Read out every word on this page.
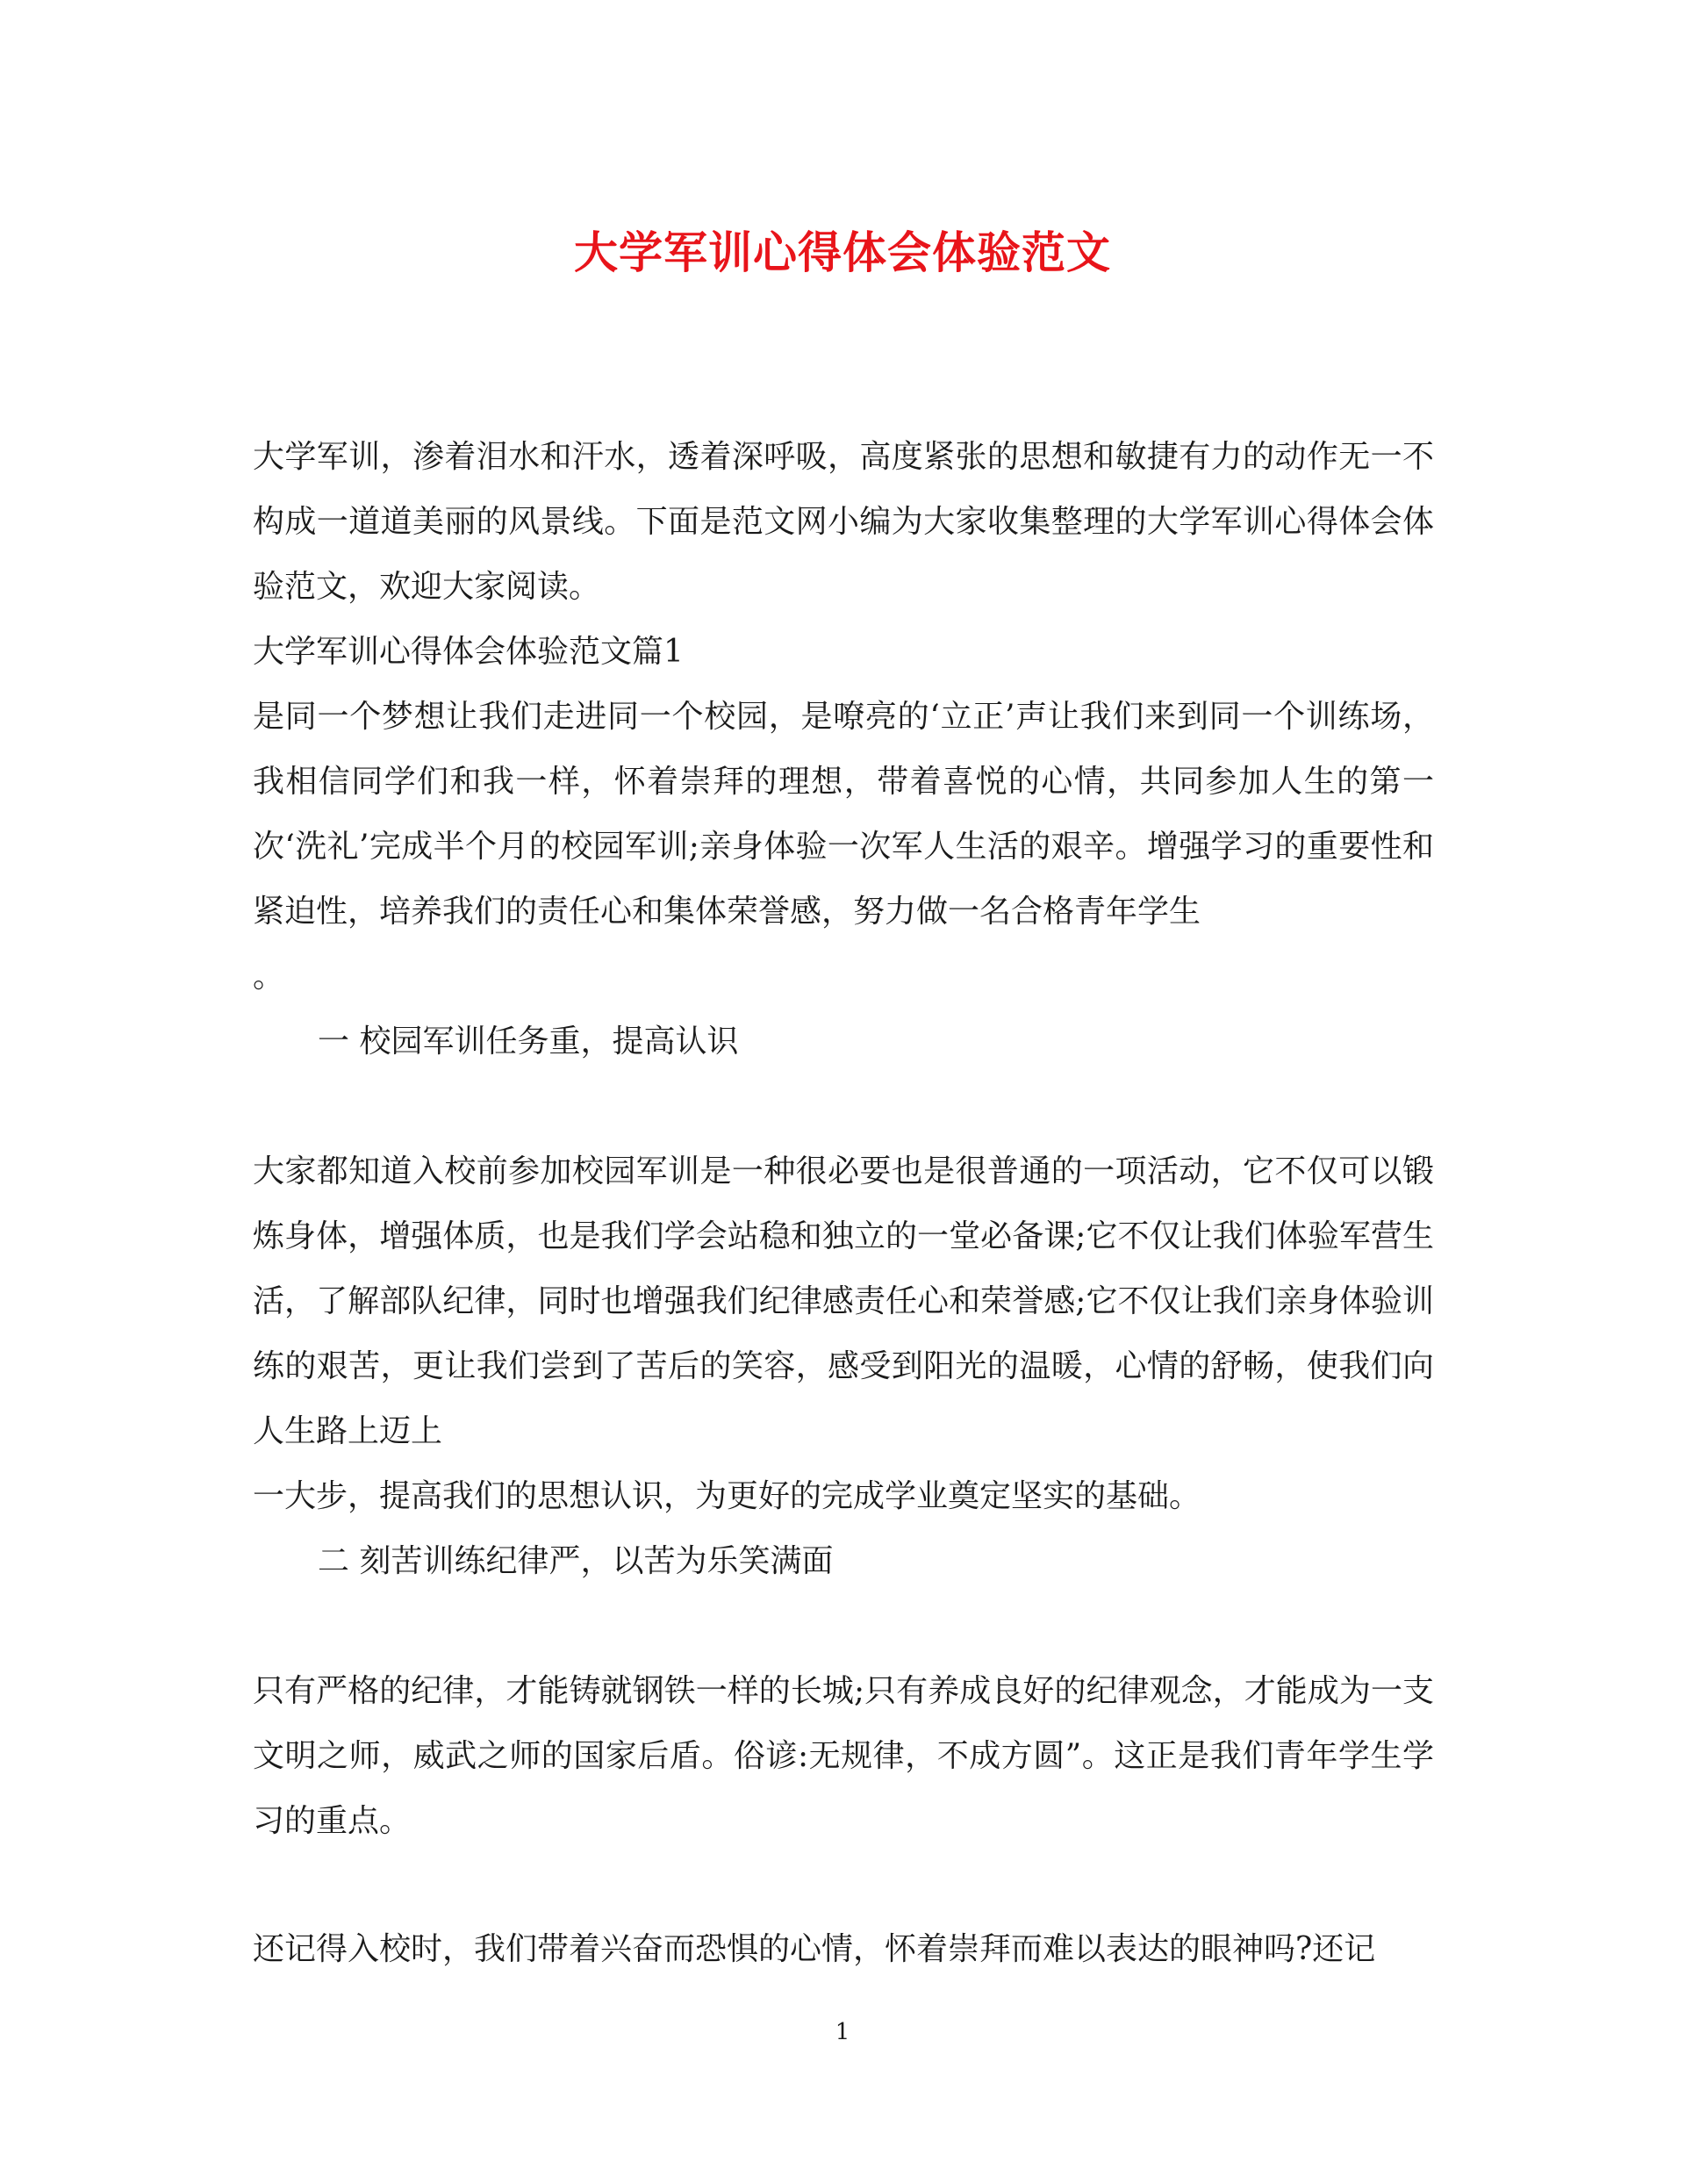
大学军训心得体会体验范文

大学军训，渗着泪水和汗水，透着深呼吸，高度紧张的思想和敏捷有力的动作无一不构成一道道美丽的风景线。下面是范文网小编为大家收集整理的大学军训心得体会体验范文，欢迎大家阅读。

大学军训心得体会体验范文篇1

是同一个梦想让我们走进同一个校园，是嘹亮的‘立正’声让我们来到同一个训练场，我相信同学们和我一样，怀着崇拜的理想，带着喜悦的心情，共同参加人生的第一次‘洗礼’完成半个月的校园军训;亲身体验一次军人生活的艰辛。增强学习的重要性和紧迫性，培养我们的责任心和集体荣誉感，努力做一名合格青年学生

。

一 校园军训任务重，提高认识

大家都知道入校前参加校园军训是一种很必要也是很普通的一项活动，它不仅可以锻炼身体，增强体质，也是我们学会站稳和独立的一堂必备课;它不仅让我们体验军营生活，了解部队纪律，同时也增强我们纪律感责任心和荣誉感;它不仅让我们亲身体验训练的艰苦，更让我们尝到了苦后的笑容，感受到阳光的温暖，心情的舒畅，使我们向人生路上迈上

一大步，提高我们的思想认识，为更好的完成学业奠定坚实的基础。

二 刻苦训练纪律严，以苦为乐笑满面

只有严格的纪律，才能铸就钢铁一样的长城;只有养成良好的纪律观念，才能成为一支文明之师，威武之师的国家后盾。俗谚:无规律，不成方圆”。这正是我们青年学生学习的重点。

还记得入校时，我们带着兴奋而恐惧的心情，怀着崇拜而难以表达的眼神吗?还记

1
